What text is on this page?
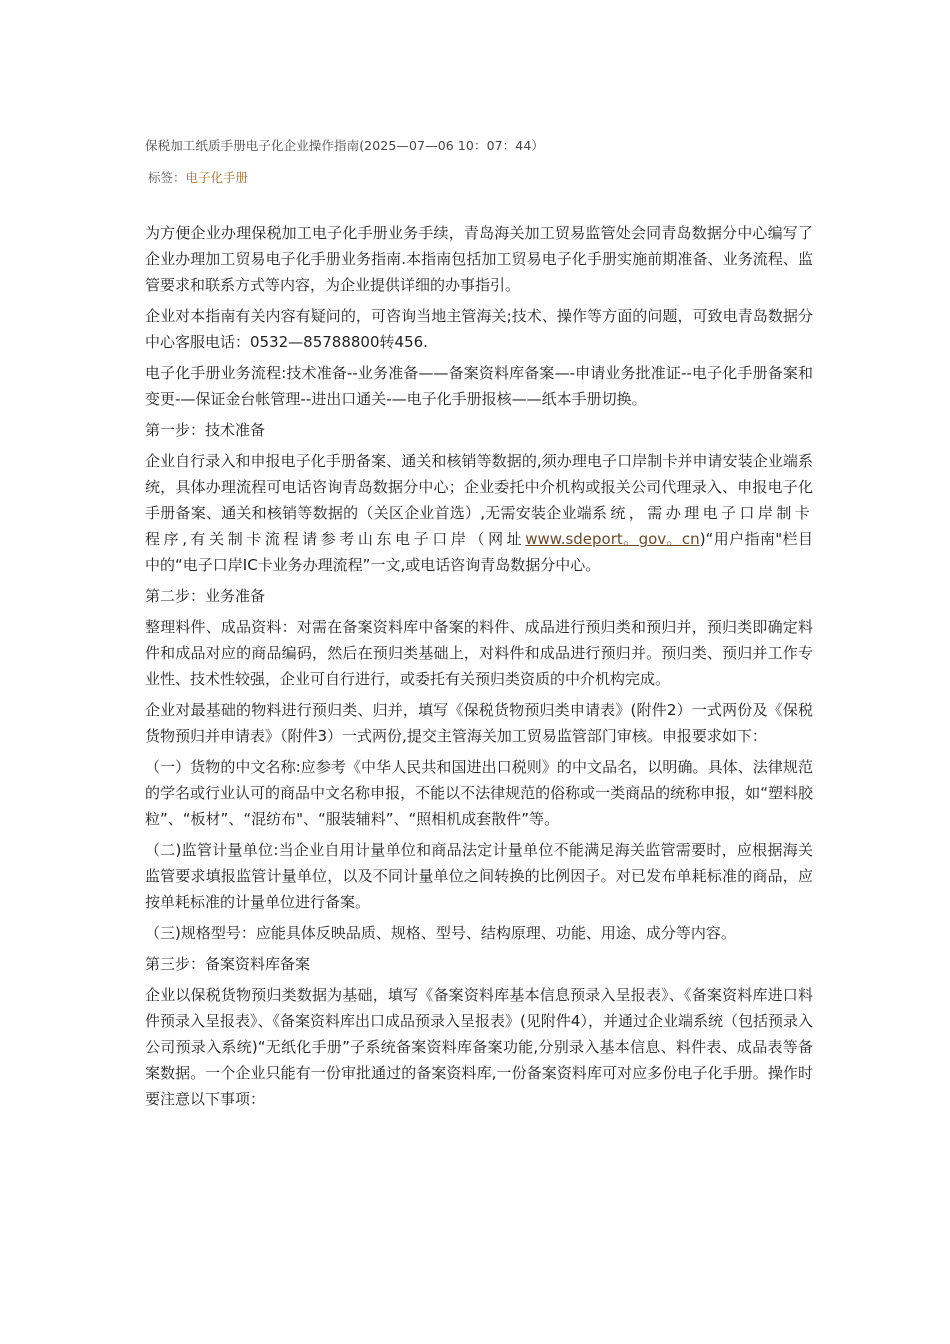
保税加工纸质手册电子化企业操作指南(2025—07—06 10：07：44）
标签：电子化手册

为方便企业办理保税加工电子化手册业务手续，青岛海关加工贸易监管处会同青岛数据分中心编写了企业办理加工贸易电子化手册业务指南.本指南包括加工贸易电子化手册实施前期准备、业务流程、监管要求和联系方式等内容，为企业提供详细的办事指引。

企业对本指南有关内容有疑问的，可咨询当地主管海关;技术、操作等方面的问题，可致电青岛数据分中心客服电话：0532—85788800转456.

电子化手册业务流程:技术准备--业务准备——备案资料库备案—-申请业务批准证--电子化手册备案和变更-—保证金台帐管理--进出口通关-—电子化手册报核——纸本手册切换。

第一步：技术准备

企业自行录入和申报电子化手册备案、通关和核销等数据的,须办理电子口岸制卡并申请安装企业端系统，具体办理流程可电话咨询青岛数据分中心；企业委托中介机构或报关公司代理录入、申报电子化手册备案、通关和核销等数据的（关区企业首选）,无需安装企业端系统，需办理电子口岸制卡程序,有关制卡流程请参考山东电子口岸（网址www.sdeport。gov。cn)“用户指南"栏目中的“电子口岸IC卡业务办理流程”一文,或电话咨询青岛数据分中心。

第二步：业务准备

整理料件、成品资料：对需在备案资料库中备案的料件、成品进行预归类和预归并，预归类即确定料件和成品对应的商品编码，然后在预归类基础上，对料件和成品进行预归并。预归类、预归并工作专业性、技术性较强，企业可自行进行，或委托有关预归类资质的中介机构完成。

企业对最基础的物料进行预归类、归并，填写《保税货物预归类申请表》(附件2）一式两份及《保税货物预归并申请表》（附件3）一式两份,提交主管海关加工贸易监管部门审核。申报要求如下：

（一）货物的中文名称:应参考《中华人民共和国进出口税则》的中文品名，以明确。具体、法律规范的学名或行业认可的商品中文名称申报，不能以不法律规范的俗称或一类商品的统称申报，如“塑料胶粒”、“板材”、“混纺布"、“服装辅料”、“照相机成套散件”等。

（二)监管计量单位:当企业自用计量单位和商品法定计量单位不能满足海关监管需要时，应根据海关监管要求填报监管计量单位，以及不同计量单位之间转换的比例因子。对已发布单耗标准的商品，应按单耗标准的计量单位进行备案。

（三)规格型号：应能具体反映品质、规格、型号、结构原理、功能、用途、成分等内容。

第三步：备案资料库备案

企业以保税货物预归类数据为基础，填写《备案资料库基本信息预录入呈报表》、《备案资料库进口料件预录入呈报表》、《备案资料库出口成品预录入呈报表》(见附件4），并通过企业端系统（包括预录入公司预录入系统)“无纸化手册”子系统备案资料库备案功能,分别录入基本信息、料件表、成品表等备案数据。一个企业只能有一份审批通过的备案资料库,一份备案资料库可对应多份电子化手册。操作时要注意以下事项：
